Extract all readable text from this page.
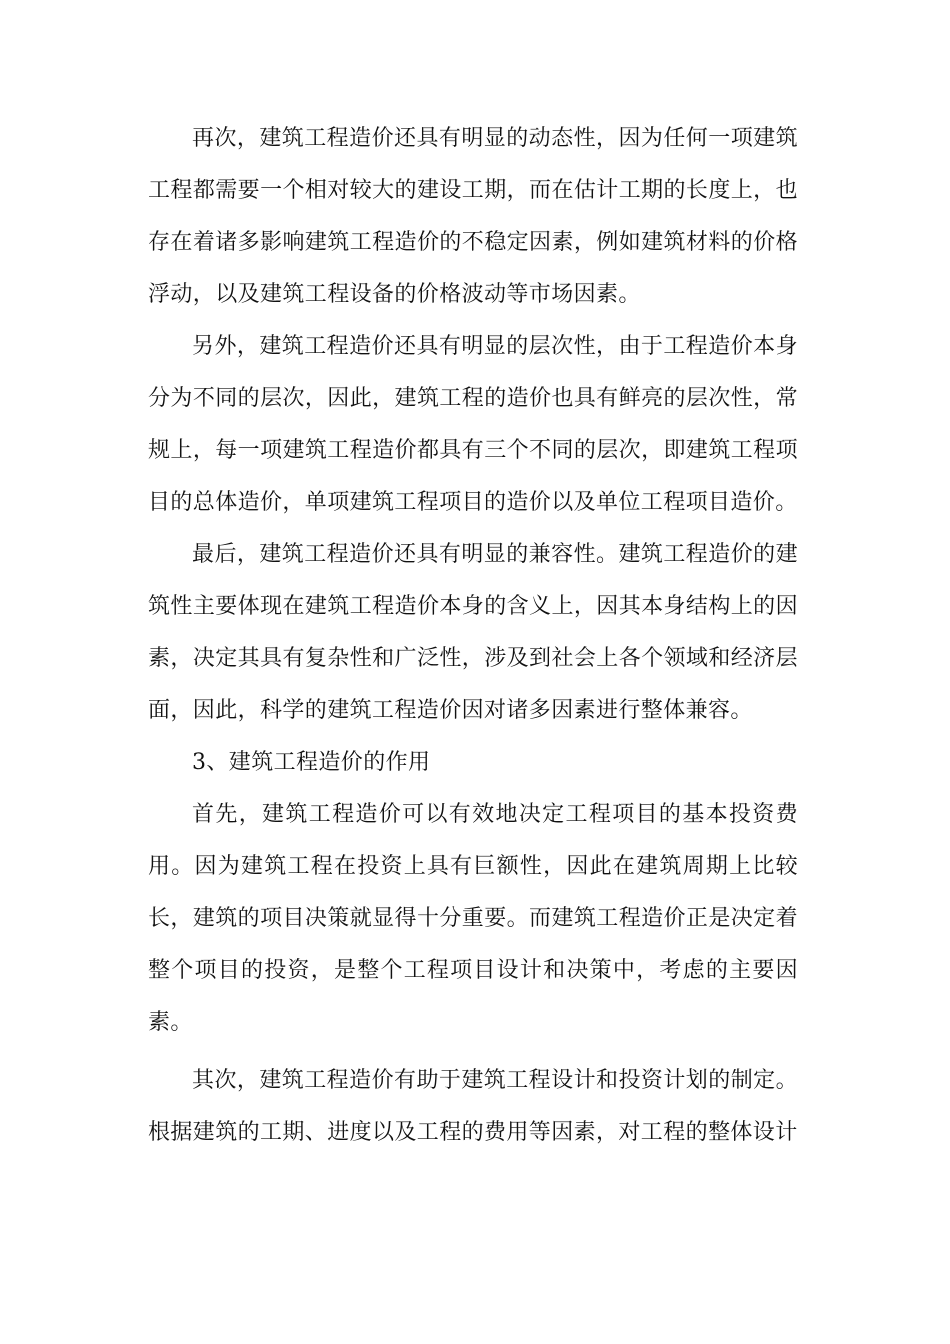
再次，建筑工程造价还具有明显的动态性，因为任何一项建筑工程都需要一个相对较大的建设工期，而在估计工期的长度上，也存在着诸多影响建筑工程造价的不稳定因素，例如建筑材料的价格浮动，以及建筑工程设备的价格波动等市场因素。

另外，建筑工程造价还具有明显的层次性，由于工程造价本身分为不同的层次，因此，建筑工程的造价也具有鲜亮的层次性，常规上，每一项建筑工程造价都具有三个不同的层次，即建筑工程项目的总体造价，单项建筑工程项目的造价以及单位工程项目造价。

最后，建筑工程造价还具有明显的兼容性。建筑工程造价的建筑性主要体现在建筑工程造价本身的含义上，因其本身结构上的因素，决定其具有复杂性和广泛性，涉及到社会上各个领域和经济层面，因此，科学的建筑工程造价因对诸多因素进行整体兼容。

3、建筑工程造价的作用

首先，建筑工程造价可以有效地决定工程项目的基本投资费用。因为建筑工程在投资上具有巨额性，因此在建筑周期上比较长，建筑的项目决策就显得十分重要。而建筑工程造价正是决定着整个项目的投资，是整个工程项目设计和决策中，考虑的主要因素。

其次，建筑工程造价有助于建筑工程设计和投资计划的制定。根据建筑的工期、进度以及工程的费用等因素，对工程的整体设计
